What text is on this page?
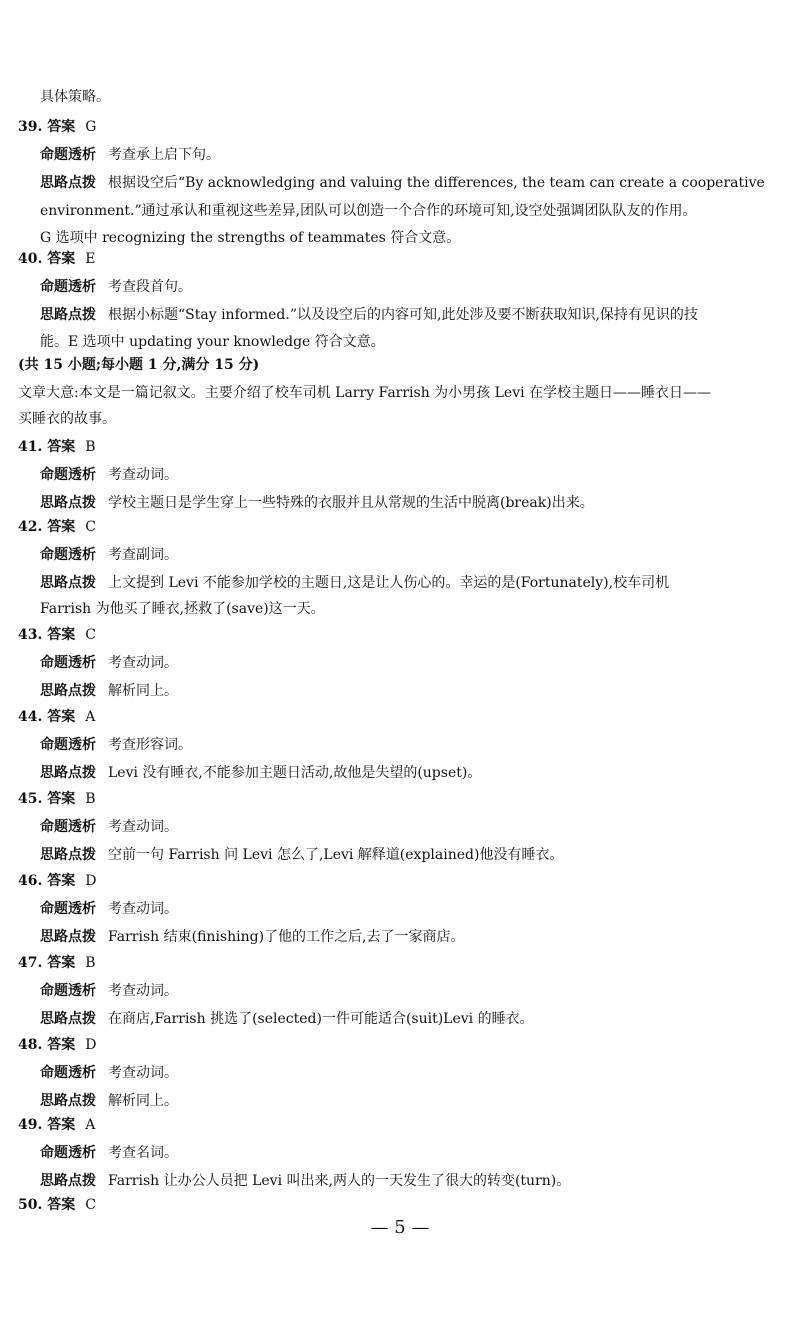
具体策略。
39. 答案 G
命题透析 考查承上启下句。
思路点拨 根据设空后“By acknowledging and valuing the differences, the team can create a cooperative
environment.”通过承认和重视这些差异,团队可以创造一个合作的环境可知,设空处强调团队队友的作用。
G 选项中 recognizing the strengths of teammates 符合文意。
40. 答案 E
命题透析 考查段首句。
思路点拨 根据小标题“Stay informed.”以及设空后的内容可知,此处涉及要不断获取知识,保持有见识的技
能。E 选项中 updating your knowledge 符合文意。
(共 15 小题;每小题 1 分,满分 15 分)
文章大意:本文是一篇记叙文。主要介绍了校车司机 Larry Farrish 为小男孩 Levi 在学校主题日——睡衣日——
买睡衣的故事。
41. 答案 B
命题透析 考查动词。
思路点拨 学校主题日是学生穿上一些特殊的衣服并且从常规的生活中脱离(break)出来。
42. 答案 C
命题透析 考查副词。
思路点拨 上文提到 Levi 不能参加学校的主题日,这是让人伤心的。幸运的是(Fortunately),校车司机
Farrish 为他买了睡衣,拯救了(save)这一天。
43. 答案 C
命题透析 考查动词。
思路点拨 解析同上。
44. 答案 A
命题透析 考查形容词。
思路点拨 Levi 没有睡衣,不能参加主题日活动,故他是失望的(upset)。
45. 答案 B
命题透析 考查动词。
思路点拨 空前一句 Farrish 问 Levi 怎么了,Levi 解释道(explained)他没有睡衣。
46. 答案 D
命题透析 考查动词。
思路点拨 Farrish 结束(finishing)了他的工作之后,去了一家商店。
47. 答案 B
命题透析 考查动词。
思路点拨 在商店,Farrish 挑选了(selected)一件可能适合(suit)Levi 的睡衣。
48. 答案 D
命题透析 考查动词。
思路点拨 解析同上。
49. 答案 A
命题透析 考查名词。
思路点拨 Farrish 让办公人员把 Levi 叫出来,两人的一天发生了很大的转变(turn)。
50. 答案 C
— 5 —
